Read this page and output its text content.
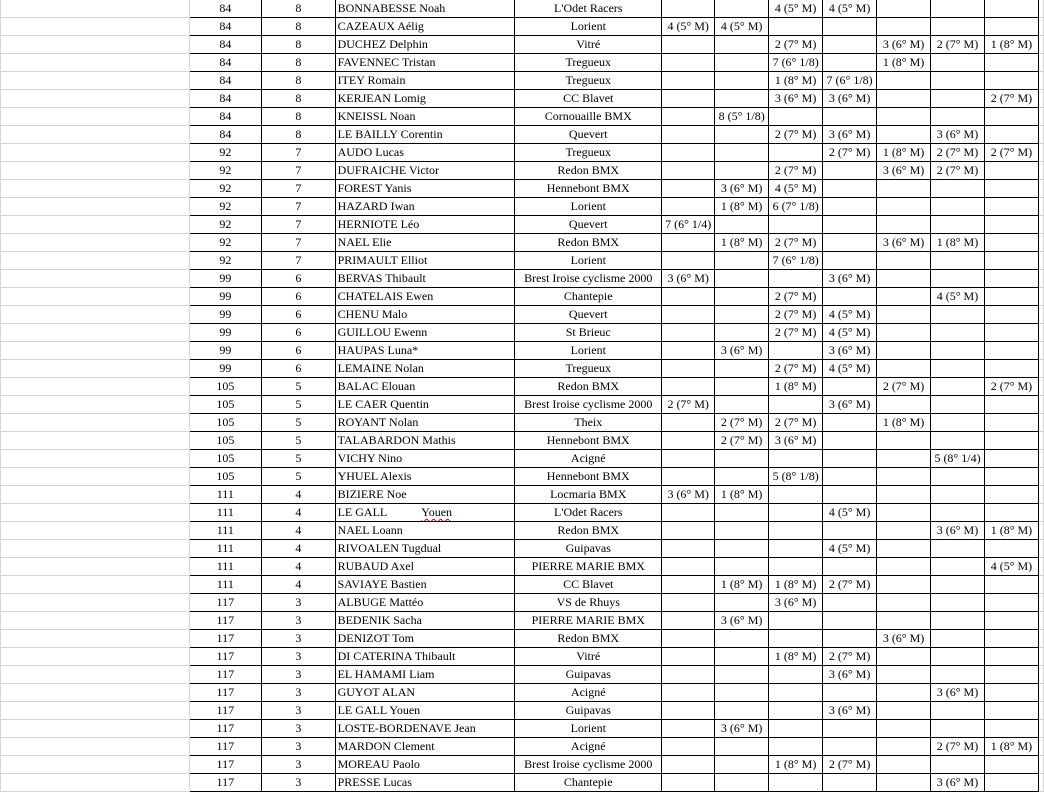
	84	8	BONNABESSE Noah	L'Odet Racers			4 (5° M)	4 (5° M)				
	84	8	CAZEAUX Aélig	Lorient	4 (5° M)	4 (5° M)						
	84	8	DUCHEZ Delphin	Vitré			2 (7° M)		3 (6° M)	2 (7° M)	1 (8° M)	
	84	8	FAVENNEC Tristan	Tregueux			7 (6° 1/8)		1 (8° M)			
	84	8	ITEY Romain	Tregueux			1 (8° M)	7 (6° 1/8)				
	84	8	KERJEAN Lomig	CC Blavet			3 (6° M)	3 (6° M)			2 (7° M)	
	84	8	KNEISSL Noan	Cornouaille BMX		8 (5° 1/8)						
	84	8	LE BAILLY Corentin	Quevert			2 (7° M)	3 (6° M)		3 (6° M)		
	92	7	AUDO Lucas	Tregueux				2 (7° M)	1 (8° M)	2 (7° M)	2 (7° M)	
	92	7	DUFRAICHE Victor	Redon BMX			2 (7° M)		3 (6° M)	2 (7° M)		
	92	7	FOREST Yanis	Hennebont BMX		3 (6° M)	4 (5° M)					
	92	7	HAZARD Iwan	Lorient		1 (8° M)	6 (7° 1/8)					
	92	7	HERNIOTE Léo	Quevert	7 (6° 1/4)							
	92	7	NAEL Elie	Redon BMX		1 (8° M)	2 (7° M)		3 (6° M)	1 (8° M)		
	92	7	PRIMAULT Elliot	Lorient			7 (6° 1/8)					
	99	6	BERVAS Thibault	Brest Iroise cyclisme 2000	3 (6° M)			3 (6° M)				
	99	6	CHATELAIS Ewen	Chantepie			2 (7° M)			4 (5° M)		
	99	6	CHENU Malo	Quevert			2 (7° M)	4 (5° M)				
	99	6	GUILLOU Ewenn	St Brieuc			2 (7° M)	4 (5° M)				
	99	6	HAUPAS Luna*	Lorient		3 (6° M)		3 (6° M)				
	99	6	LEMAINE Nolan	Tregueux			2 (7° M)	4 (5° M)				
	105	5	BALAC Elouan	Redon BMX			1 (8° M)		2 (7° M)		2 (7° M)	
	105	5	LE CAER Quentin	Brest Iroise cyclisme 2000	2 (7° M)			3 (6° M)				
	105	5	ROYANT Nolan	Theix		2 (7° M)	2 (7° M)		1 (8° M)			
	105	5	TALABARDON Mathis	Hennebont BMX		2 (7° M)	3 (6° M)					
	105	5	VICHY Nino	Acigné						5 (8° 1/4)		
	105	5	YHUEL Alexis	Hennebont BMX			5 (8° 1/8)					
	111	4	BIZIERE Noe	Locmaria BMX	3 (6° M)	1 (8° M)						
	111	4	LE GALL Youen	L'Odet Racers				4 (5° M)				
	111	4	NAEL Loann	Redon BMX						3 (6° M)	1 (8° M)	
	111	4	RIVOALEN Tugdual	Guipavas				4 (5° M)				
	111	4	RUBAUD Axel	PIERRE MARIE BMX							4 (5° M)	
	111	4	SAVIAYE Bastien	CC Blavet		1 (8° M)	1 (8° M)	2 (7° M)				
	117	3	ALBUGE Mattéo	VS de Rhuys			3 (6° M)					
	117	3	BEDENIK Sacha	PIERRE MARIE BMX		3 (6° M)						
	117	3	DENIZOT Tom	Redon BMX					3 (6° M)			
	117	3	DI CATERINA Thibault	Vitré			1 (8° M)	2 (7° M)				
	117	3	EL HAMAMI Liam	Guipavas				3 (6° M)				
	117	3	GUYOT ALAN	Acigné						3 (6° M)		
	117	3	LE GALL Youen	Guipavas				3 (6° M)				
	117	3	LOSTE-BORDENAVE Jean	Lorient		3 (6° M)						
	117	3	MARDON Clement	Acigné						2 (7° M)	1 (8° M)	
	117	3	MOREAU Paolo	Brest Iroise cyclisme 2000			1 (8° M)	2 (7° M)				
	117	3	PRESSE Lucas	Chantepie						3 (6° M)		
